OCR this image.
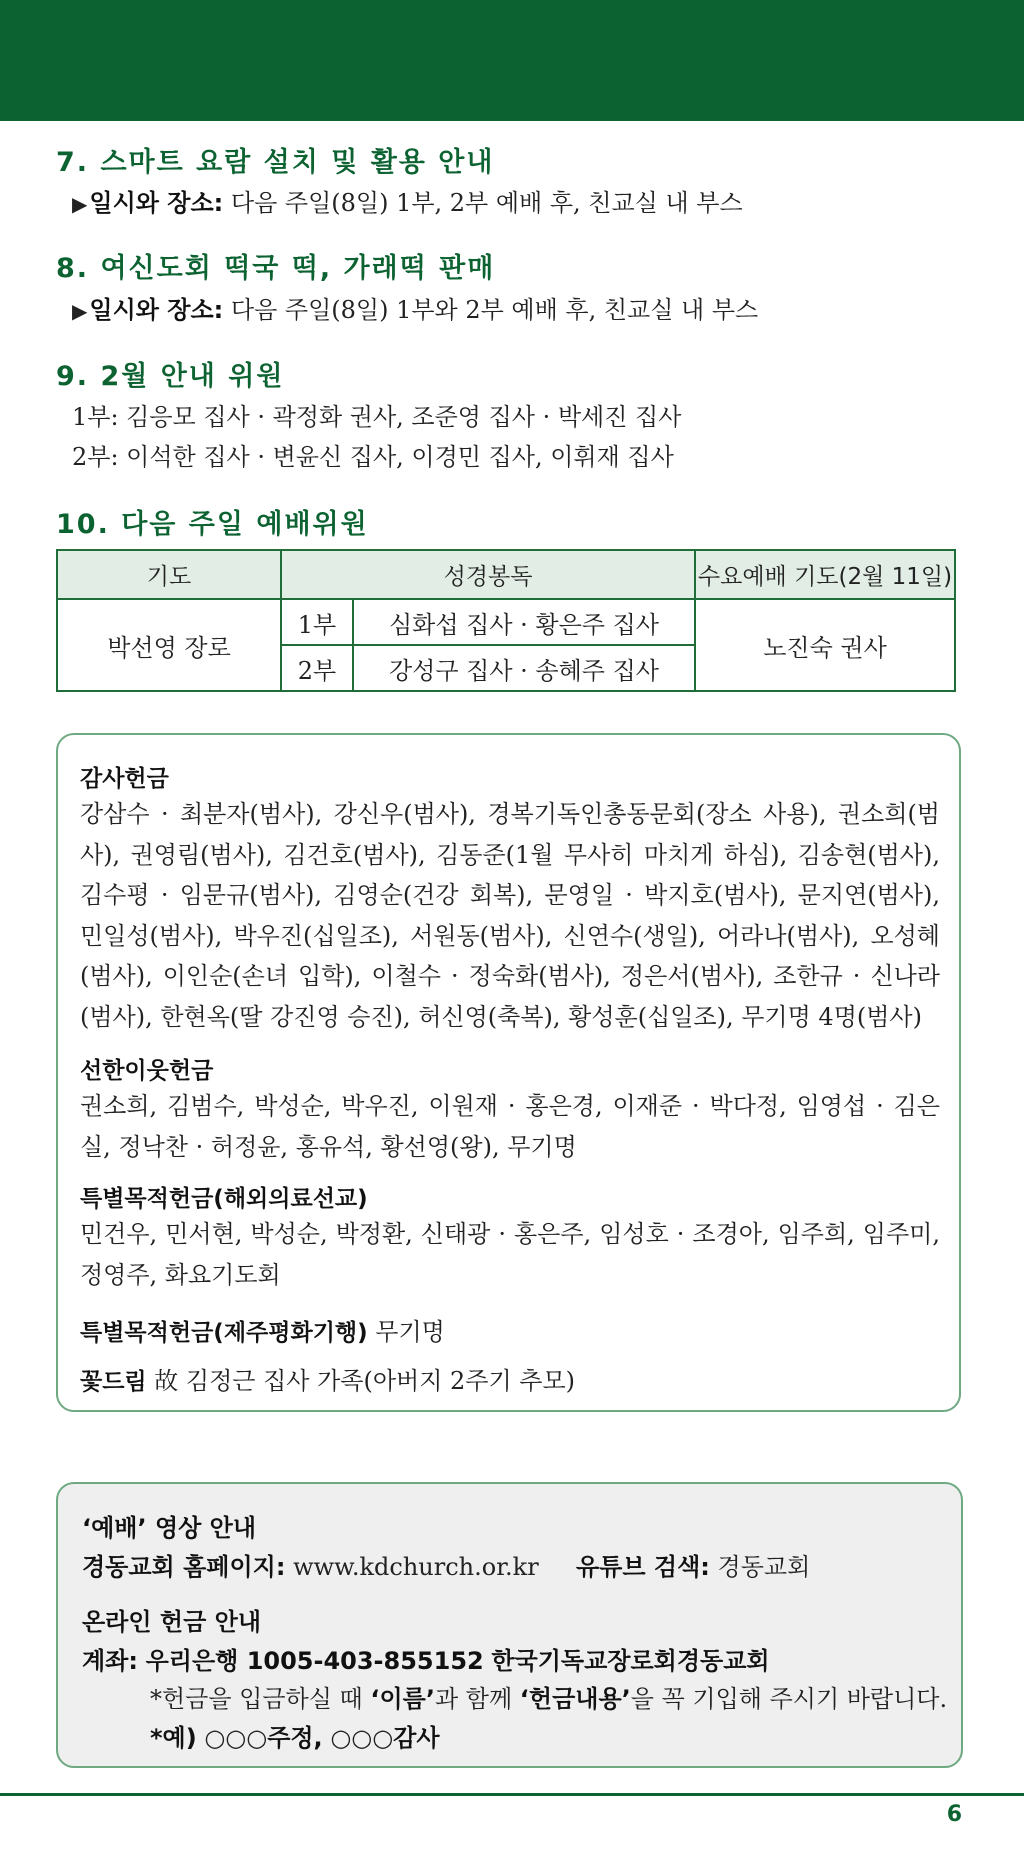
7. 스마트 요람 설치 및 활용 안내
▶일시와 장소: 다음 주일(8일) 1부, 2부 예배 후, 친교실 내 부스
8. 여신도회 떡국 떡, 가래떡 판매
▶일시와 장소: 다음 주일(8일) 1부와 2부 예배 후, 친교실 내 부스
9. 2월 안내 위원
1부: 김응모 집사 · 곽정화 권사, 조준영 집사 · 박세진 집사
2부: 이석한 집사 · 변윤신 집사, 이경민 집사, 이휘재 집사
10. 다음 주일 예배위원
기도	성경봉독		수요예배 기도(2월 11일)
박선영 장로	1부	심화섭 집사 · 황은주 집사	노진숙 권사
	2부	강성구 집사 · 송혜주 집사	
감사헌금
강삼수 · 최분자(범사), 강신우(범사), 경복기독인총동문회(장소 사용), 권소희(범사), 권영림(범사), 김건호(범사), 김동준(1월 무사히 마치게 하심), 김송현(범사), 김수평 · 임문규(범사), 김영순(건강 회복), 문영일 · 박지호(범사), 문지연(범사), 민일성(범사), 박우진(십일조), 서원동(범사), 신연수(생일), 어라나(범사), 오성혜(범사), 이인순(손녀 입학), 이철수 · 정숙화(범사), 정은서(범사), 조한규 · 신나라(범사), 한현옥(딸 강진영 승진), 허신영(축복), 황성훈(십일조), 무기명 4명(범사)
선한이웃헌금
권소희, 김범수, 박성순, 박우진, 이원재 · 홍은경, 이재준 · 박다정, 임영섭 · 김은실, 정낙찬 · 허정윤, 홍유석, 황선영(왕), 무기명
특별목적헌금(해외의료선교)
민건우, 민서현, 박성순, 박정환, 신태광 · 홍은주, 임성호 · 조경아, 임주희, 임주미, 정영주, 화요기도회
특별목적헌금(제주평화기행) 무기명
꽃드림 故 김정근 집사 가족(아버지 2주기 추모)
‘예배’ 영상 안내
경동교회 홈페이지: www.kdchurch.or.kr 유튜브 검색: 경동교회
온라인 헌금 안내
계좌: 우리은행 1005-403-855152 한국기독교장로회경동교회
*헌금을 입금하실 때 ‘이름’과 함께 ‘헌금내용’을 꼭 기입해 주시기 바랍니다.
*예) ○○○주정, ○○○감사
6
